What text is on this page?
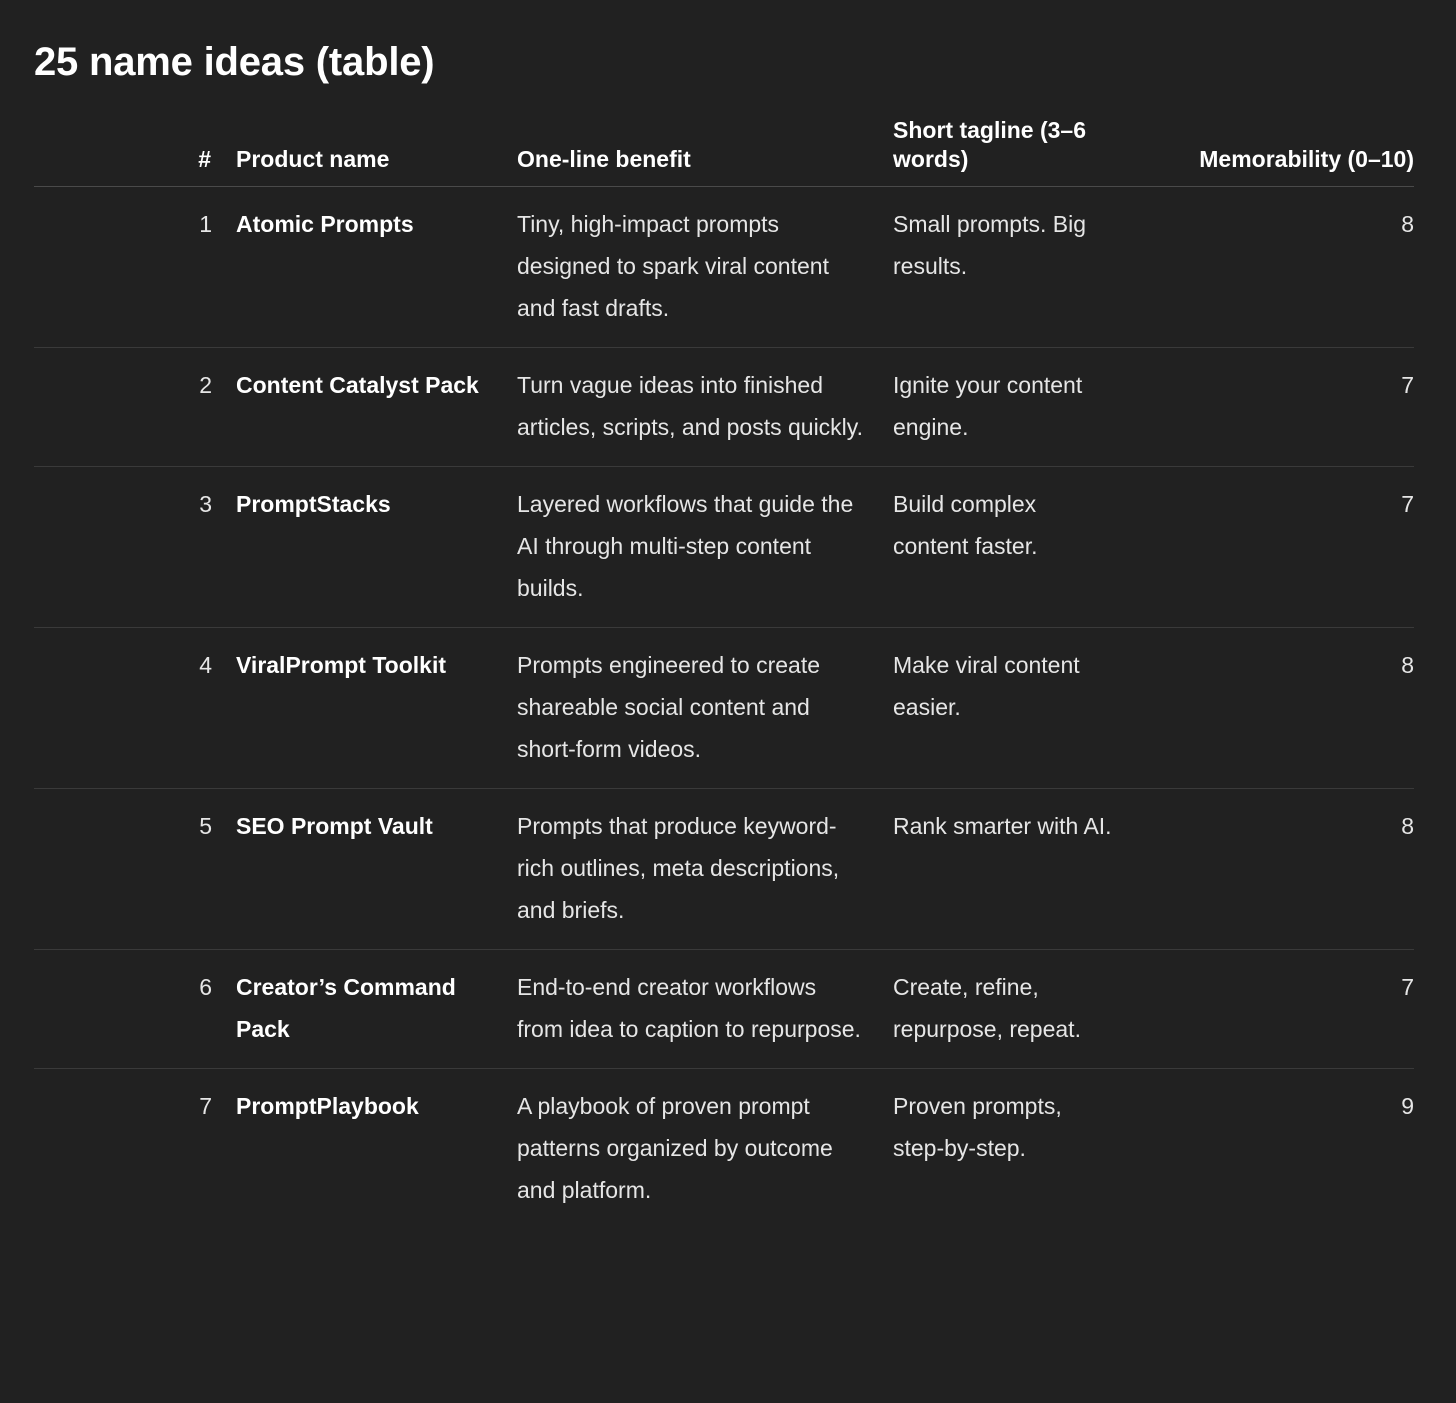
25 name ideas (table)
#	Product name	One-line benefit	Short tagline (3–6 words)	Memorability (0–10)
1	Atomic Prompts	Tiny, high-impact prompts designed to spark viral content and fast drafts.	Small prompts. Big results.	8
2	Content Catalyst Pack	Turn vague ideas into finished articles, scripts, and posts quickly.	Ignite your content engine.	7
3	PromptStacks	Layered workflows that guide the AI through multi-step content builds.	Build complex content faster.	7
4	ViralPrompt Toolkit	Prompts engineered to create shareable social content and short-form videos.	Make viral content easier.	8
5	SEO Prompt Vault	Prompts that produce keyword-rich outlines, meta descriptions, and briefs.	Rank smarter with AI.	8
6	Creator’s Command Pack	End-to-end creator workflows from idea to caption to repurpose.	Create, refine, repurpose, repeat.	7
7	PromptPlaybook	A playbook of proven prompt patterns organized by outcome and platform.	Proven prompts, step-by-step.	9
